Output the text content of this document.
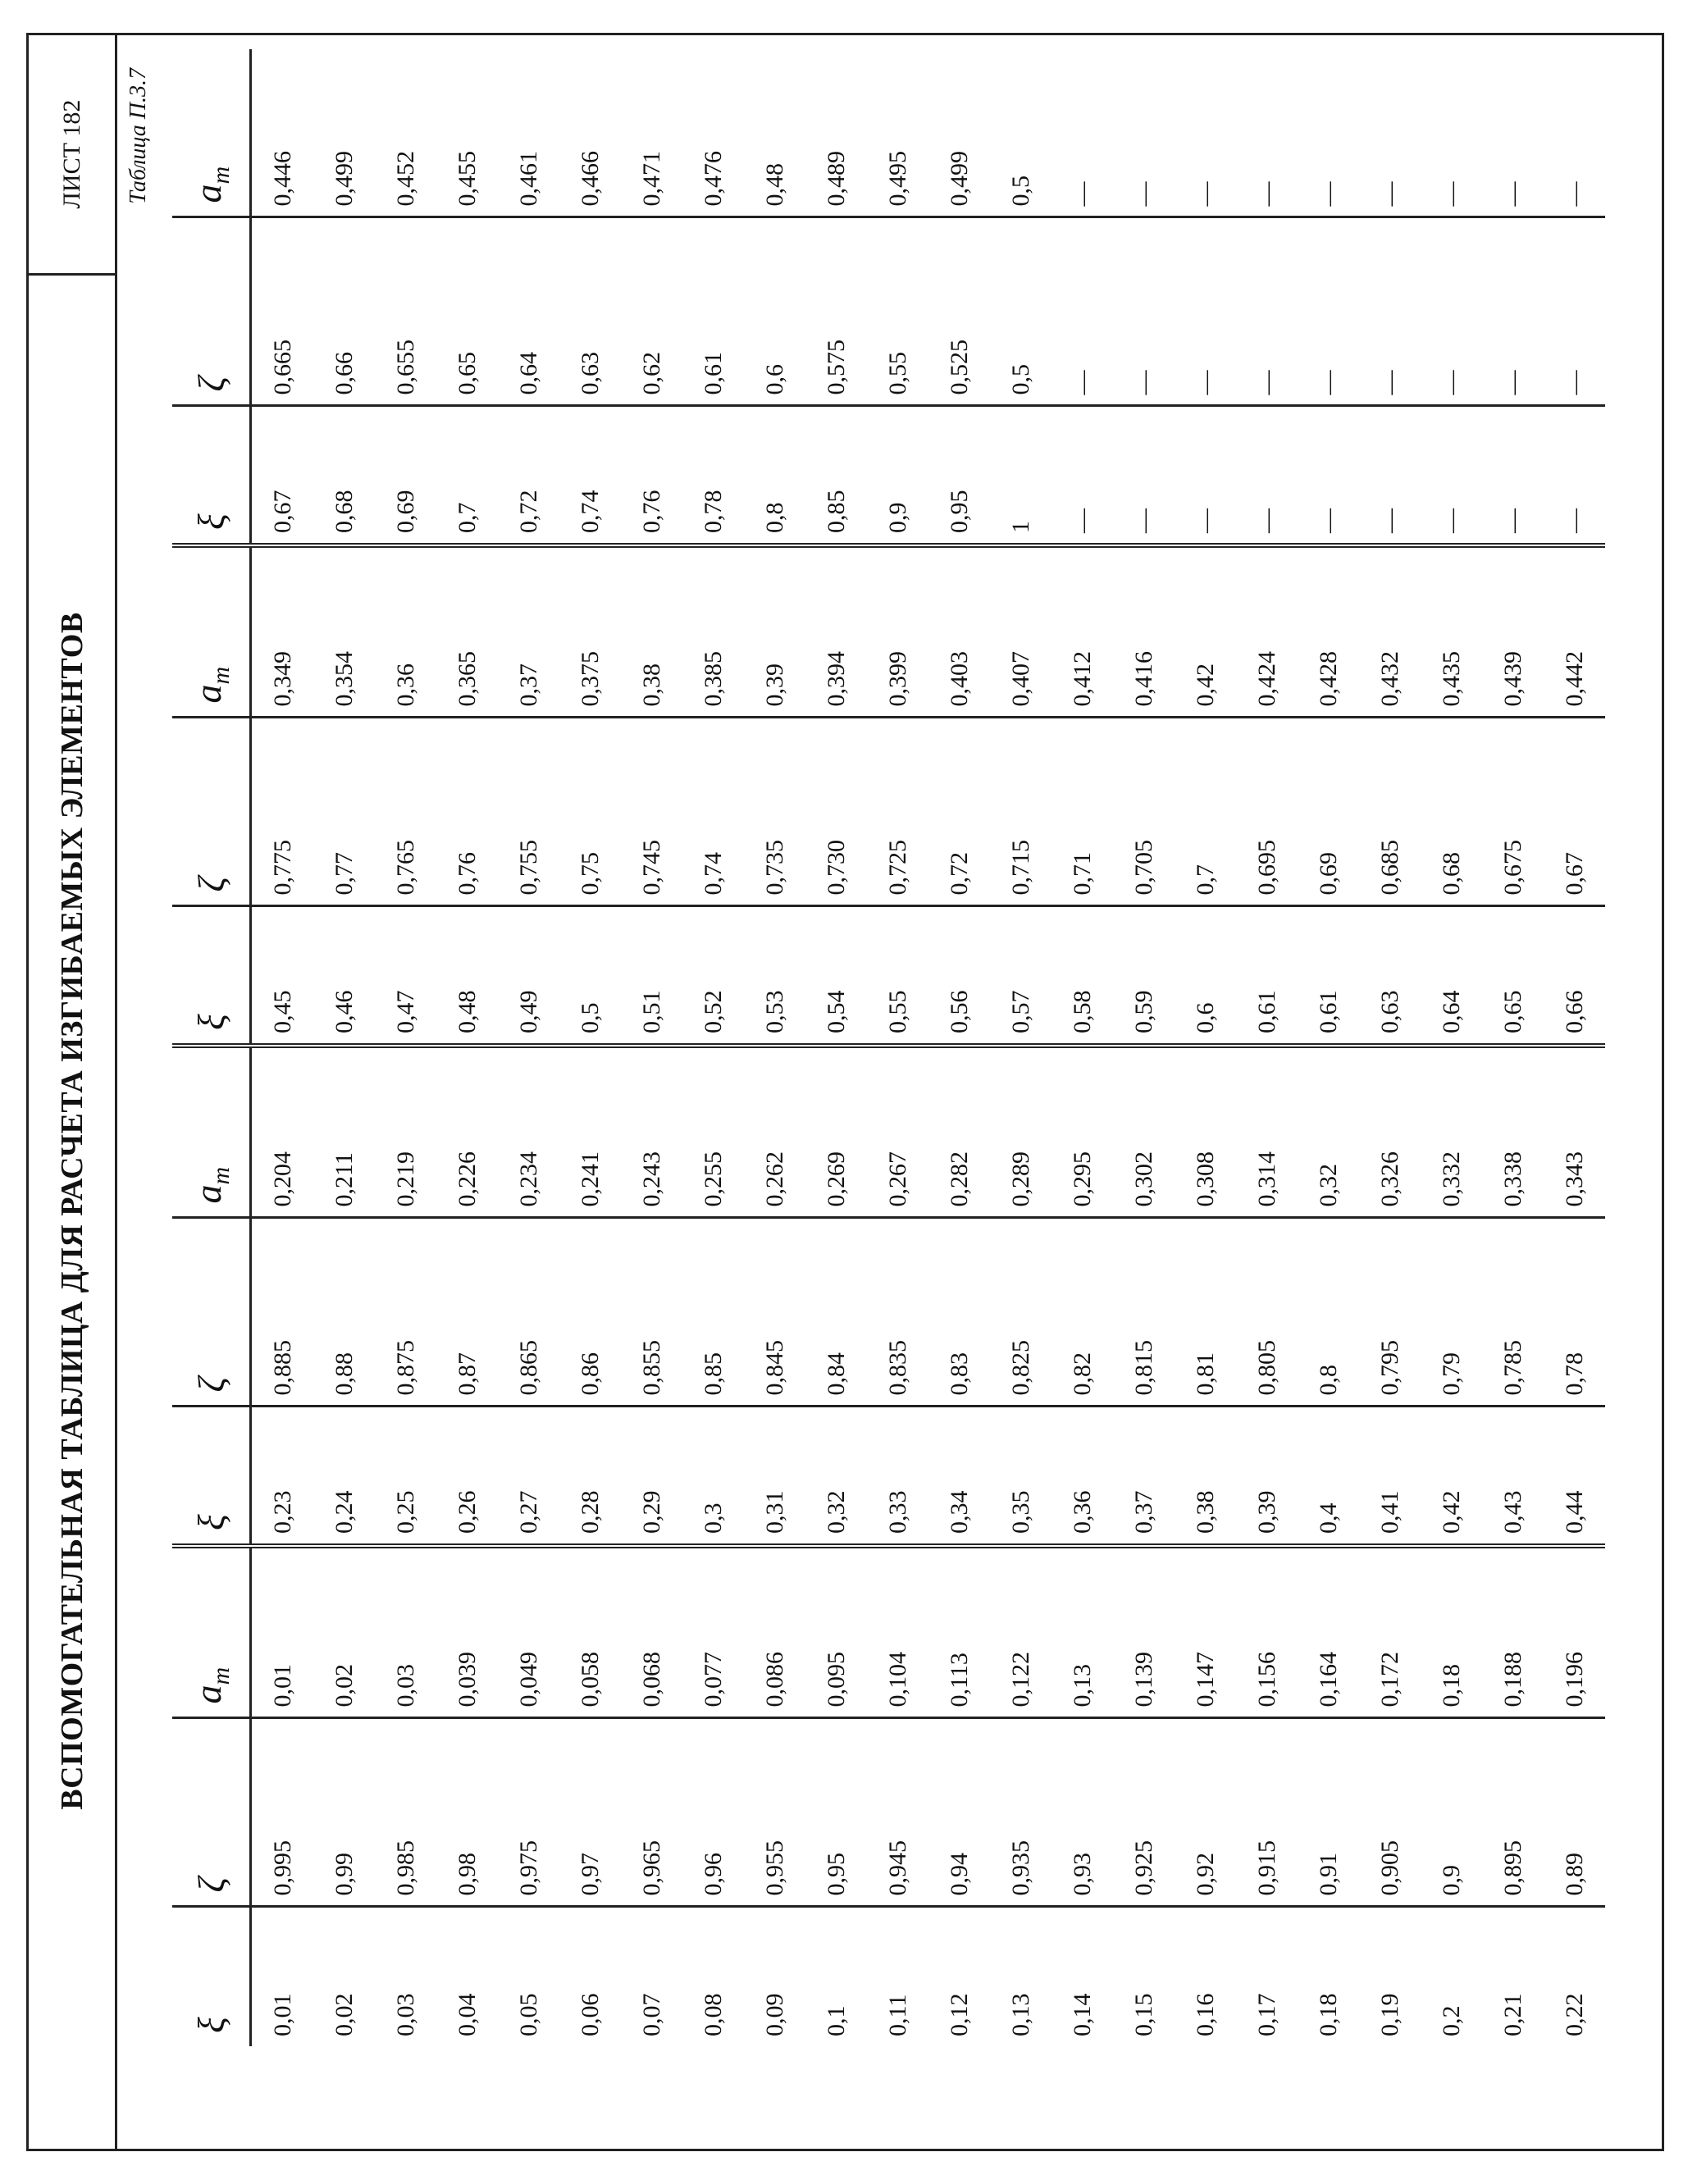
ВСПОМОГАТЕЛЬНАЯ ТАБЛИЦА ДЛЯ РАСЧЕТА ИЗГИБАЕМЫХ ЭЛЕМЕНТОВ
ЛИСТ 182	Таблица П.3.7
ξ	ζ	$a_m$	ξ	ζ	$a_m$	ξ	ζ	$a_m$	ξ	ζ	$a_m$
0,01	0,995	0,01	0,23	0,885	0,204	0,45	0,775	0,349	0,67	0,665	0,446
0,02	0,99	0,02	0,24	0,88	0,211	0,46	0,77	0,354	0,68	0,66	0,499
0,03	0,985	0,03	0,25	0,875	0,219	0,47	0,765	0,36	0,69	0,655	0,452
0,04	0,98	0,039	0,26	0,87	0,226	0,48	0,76	0,365	0,7	0,65	0,455
0,05	0,975	0,049	0,27	0,865	0,234	0,49	0,755	0,37	0,72	0,64	0,461
0,06	0,97	0,058	0,28	0,86	0,241	0,5	0,75	0,375	0,74	0,63	0,466
0,07	0,965	0,068	0,29	0,855	0,243	0,51	0,745	0,38	0,76	0,62	0,471
0,08	0,96	0,077	0,3	0,85	0,255	0,52	0,74	0,385	0,78	0,61	0,476
0,09	0,955	0,086	0,31	0,845	0,262	0,53	0,735	0,39	0,8	0,6	0,48
0,1	0,95	0,095	0,32	0,84	0,269	0,54	0,730	0,394	0,85	0,575	0,489
0,11	0,945	0,104	0,33	0,835	0,267	0,55	0,725	0,399	0,9	0,55	0,495
0,12	0,94	0,113	0,34	0,83	0,282	0,56	0,72	0,403	0,95	0,525	0,499
0,13	0,935	0,122	0,35	0,825	0,289	0,57	0,715	0,407	1	0,5	0,5
0,14	0,93	0,13	0,36	0,82	0,295	0,58	0,71	0,412	—	—	—
0,15	0,925	0,139	0,37	0,815	0,302	0,59	0,705	0,416	—	—	—
0,16	0,92	0,147	0,38	0,81	0,308	0,6	0,7	0,42	—	—	—
0,17	0,915	0,156	0,39	0,805	0,314	0,61	0,695	0,424	—	—	—
0,18	0,91	0,164	0,4	0,8	0,32	0,61	0,69	0,428	—	—	—
0,19	0,905	0,172	0,41	0,795	0,326	0,63	0,685	0,432	—	—	—
0,2	0,9	0,18	0,42	0,79	0,332	0,64	0,68	0,435	—	—	—
0,21	0,895	0,188	0,43	0,785	0,338	0,65	0,675	0,439	—	—	—
0,22	0,89	0,196	0,44	0,78	0,343	0,66	0,67	0,442	—	—	—
